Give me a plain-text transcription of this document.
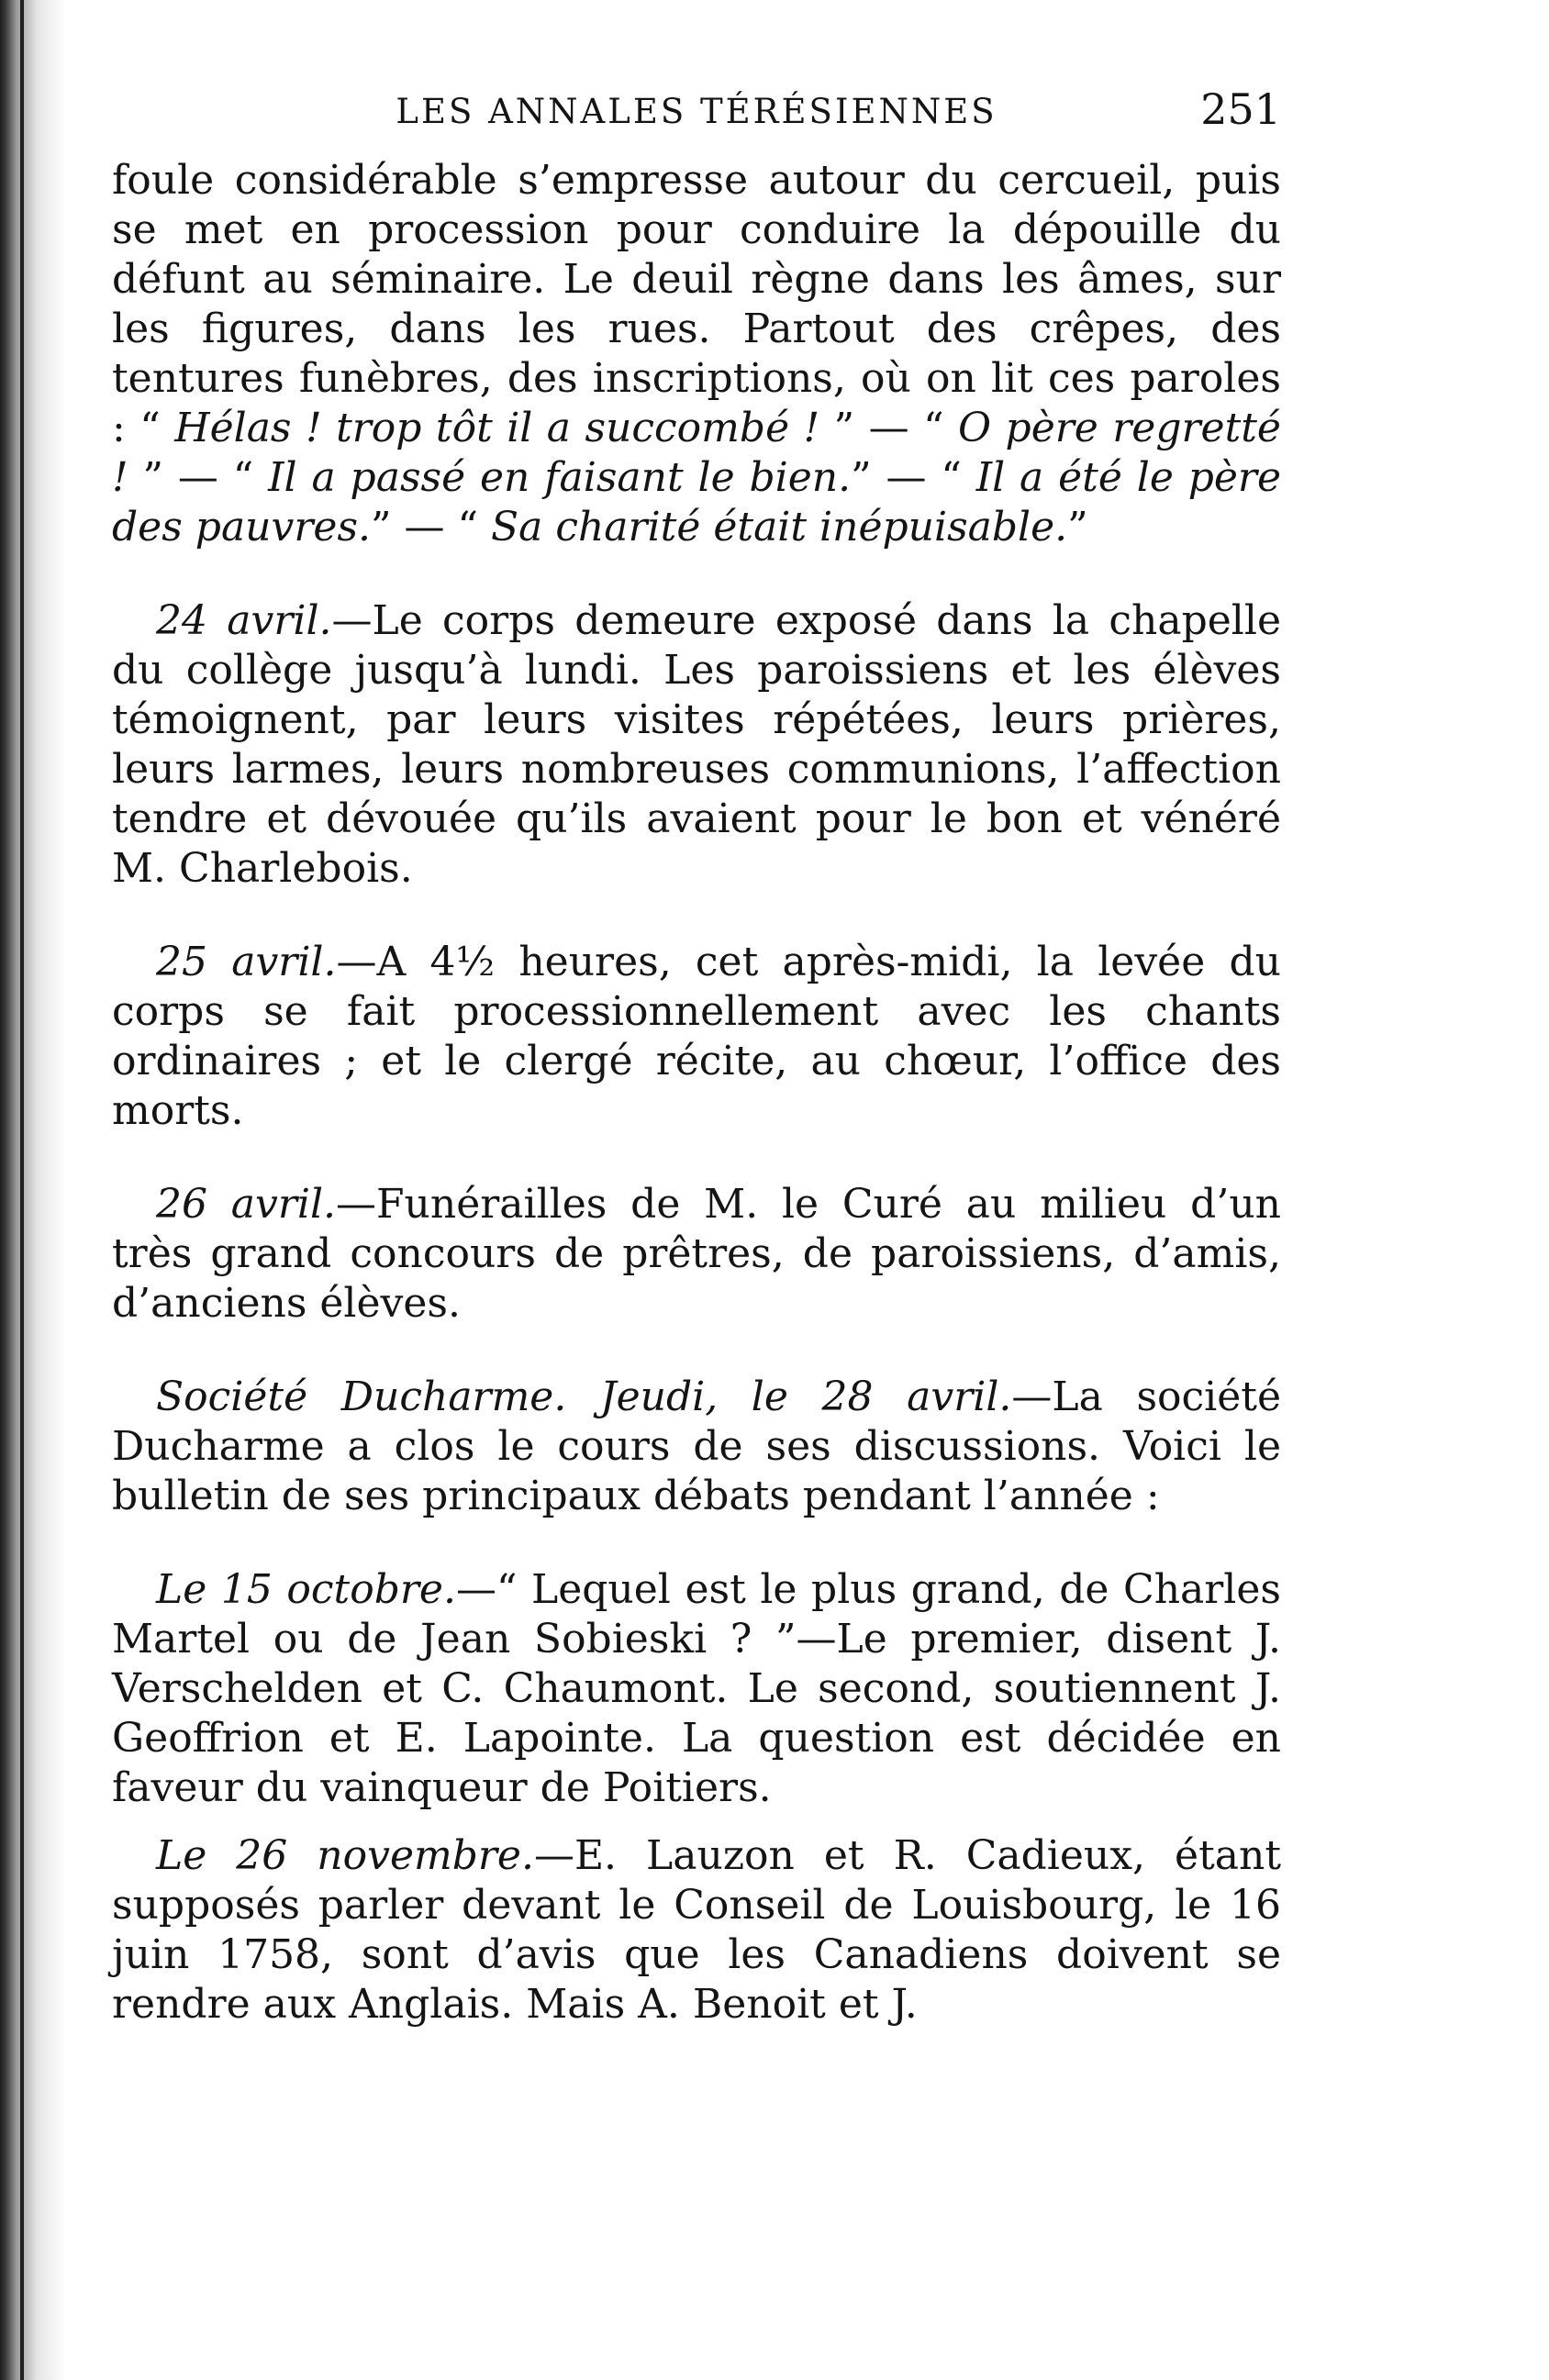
LES ANNALES TÉRÉSIENNES	251

foule considérable s’empresse autour du cercueil, puis se met en procession pour conduire la dépouille du défunt au séminaire. Le deuil règne dans les âmes, sur les figures, dans les rues. Partout des crêpes, des tentures funèbres, des inscriptions, où on lit ces paroles : “ Hélas ! trop tôt il a succombé ! ” — “ O père regretté ! ” — “ Il a passé en faisant le bien.” — “ Il a été le père des pauvres.” — “ Sa charité était inépuisable.”

24 avril.—Le corps demeure exposé dans la chapelle du collège jusqu’à lundi. Les paroissiens et les élèves témoignent, par leurs visites répétées, leurs prières, leurs larmes, leurs nombreuses communions, l’affection tendre et dévouée qu’ils avaient pour le bon et vénéré M. Charlebois.

25 avril.—A 4½ heures, cet après-midi, la levée du corps se fait processionnellement avec les chants ordinaires ; et le clergé récite, au chœur, l’office des morts.

26 avril.—Funérailles de M. le Curé au milieu d’un très grand concours de prêtres, de paroissiens, d’amis, d’anciens élèves.

Société Ducharme. Jeudi, le 28 avril.—La société Ducharme a clos le cours de ses discussions. Voici le bulletin de ses principaux débats pendant l’année :

Le 15 octobre.—“ Lequel est le plus grand, de Charles Martel ou de Jean Sobieski ? ”—Le premier, disent J. Verschelden et C. Chaumont. Le second, soutiennent J. Geoffrion et E. Lapointe. La question est décidée en faveur du vainqueur de Poitiers.

Le 26 novembre.—E. Lauzon et R. Cadieux, étant supposés parler devant le Conseil de Louisbourg, le 16 juin 1758, sont d’avis que les Canadiens doivent se rendre aux Anglais. Mais A. Benoit et J.
